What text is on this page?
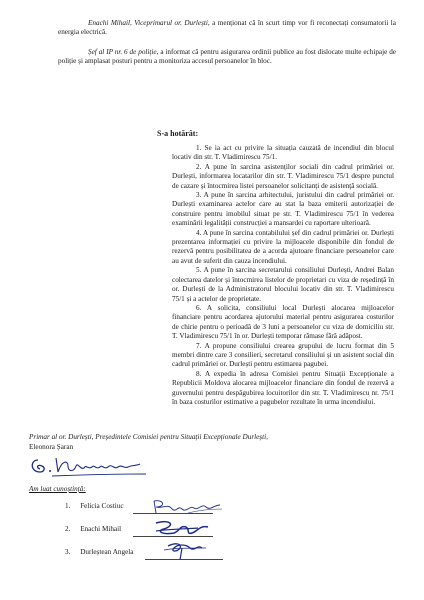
Enachi Mihail, Viceprimarul or. Durlești, a menționat că în scurt timp vor fi reconectați consumatorii la energia electrică.
Șef al IP nr. 6 de poliție, a informat că pentru asigurarea ordinii publice au fost dislocate multe echipaje de poliție și amplasat posturi pentru a monitoriza accesul persoanelor în bloc.
S-a hotărât:

1. Se ia act cu privire la situația cauzată de incendiul din blocul locativ din str. T. Vladimirescu 75/1.

2. A pune în sarcina asistenților sociali din cadrul primăriei or. Durlești, informarea locatarilor din str. T. Vladimirescu 75/1 despre punctul de cazare și întocmirea listei persoanelor solicitanți de asistență socială.

3. A pune în sarcina arhitectului, juristului din cadrul primăriei or. Durlești examinarea actelor care au stat la baza emiterii autorizației de construire pentru imobilul situat pe str. T. Vladimirescu 75/1 în vederea examinării legalității construcției a mansardei cu raportare ulterioară.

4. A pune în sarcina contabilului șef din cadrul primăriei or. Durlești prezentarea informației cu privire la mijloacele disponibile din fondul de rezervă pentru posibilitatea de a acorda ajutoare financiare persoanelor care au avut de suferit din cauza incendiului.

5. A pune în sarcina secretarului consiliului Durlești, Andrei Balan colectarea datelor și întocmirea listelor de proprietari cu viza de reședință în or. Durlești de la Administratorul blocului locativ din str. T. Vladimirescu 75/1 și a actelor de proprietate.

6. A solicita, consiliului local Durlești alocarea mijloacelor financiare pentru acordarea ajutorului material pentru asigurarea costurilor de chirie pentru o perioadă de 3 luni a persoanelor cu viza de domiciliu str. T. Vladimirescu 75/1 în or. Durlești temporar rămase fără adăpost.

7. A propune consiliului crearea grupului de lucru format din 5 membri dintre care 3 consilieri, secretarul consiliului și un asistent social din cadrul primăriei or. Durlești pentru estimarea pagubei.

8. A expedia în adresa Comisiei pentru Situații Excepționale a Republicii Moldova alocarea mijloacelor financiare din fondul de rezervă a guvernului pentru despăgubirea locuitorilor din str. T. Vladimirescu nr. 75/1 în baza costurilor estimative a pagubelor rezultate în urma incendiului.

Primar al or. Durlești, Președintele Comisiei pentru Situații Excepționale Durlești,
Eleonora Șaran
Am luat cunoștință:
1. Felicia Costiuc
2. Enachi Mihail
3. Durleștean Angela
